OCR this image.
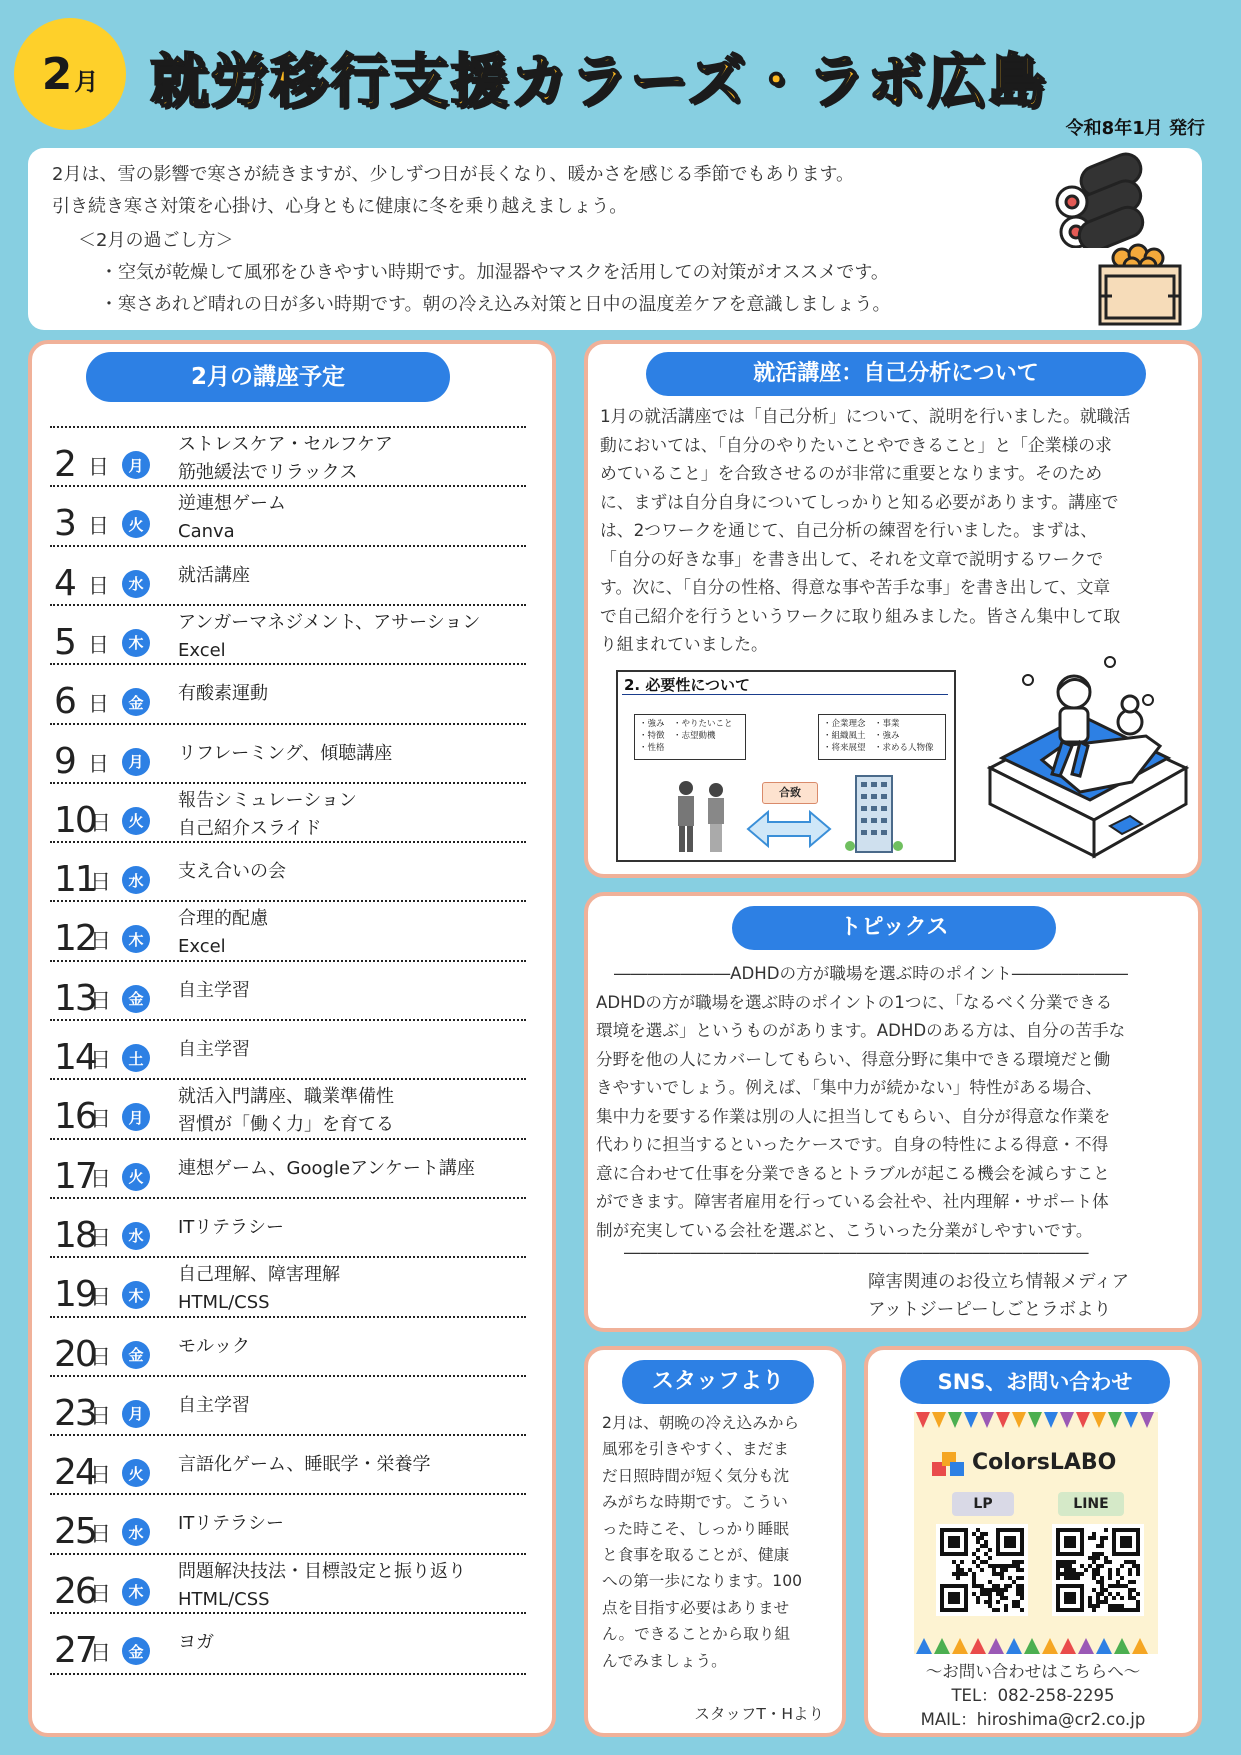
2 月 就労移行支援カラーズ・ラボ広島
令和8年1月 発行

2月は、雪の影響で寒さが続きますが、少しずつ日が長くなり、暖かさを感じる季節でもあります。

引き続き寒さ対策を心掛け、心身ともに健康に冬を乗り越えましょう。

＜2月の過ごし方＞

・空気が乾燥して風邪をひきやすい時期です。加湿器やマスクを活用しての対策がオススメです。

・寒さあれど晴れの日が多い時期です。朝の冷え込み対策と日中の温度差ケアを意識しましょう。

2月の講座予定
2 日	月
ストレスケア・セルフケア
筋弛緩法でリラックス
3 日	火
逆連想ゲーム
Canva
4 日	水	就活講座
5 日	木
アンガーマネジメント、アサーション
Excel
6 日	金	有酸素運動
9 日	月	リフレーミング、傾聴講座
10
日	火
報告シミュレーション
自己紹介スライド
11
日	水	支え合いの会
12
日	木
合理的配慮
Excel
13
日	金	自主学習
14
日	土	自主学習
16
日	月
就活入門講座、職業準備性
習慣が「働く力」を育てる
17
日	火	連想ゲーム、Googleアンケート講座
18
日	水	ITリテラシー
19
日	木
自己理解、障害理解
HTML/CSS
20
日	金	モルック
23
日	月	自主学習
24
日	火	言語化ゲーム、睡眠学・栄養学
25
日	水	ITリテラシー
26
日	木
問題解決技法・目標設定と振り返り
HTML/CSS
27
日	金	ヨガ
就活講座：自己分析について
1月の就活講座では「自己分析」について、説明を行いました。就職活
動においては、「自分のやりたいことやできること」と「企業様の求
めていること」を合致させるのが非常に重要となります。そのため
に、まずは自分自身についてしっかりと知る必要があります。講座で
は、2つワークを通じて、自己分析の練習を行いました。まずは、
「自分の好きな事」を書き出して、それを文章で説明するワークで
す。次に、「自分の性格、得意な事や苦手な事」を書き出して、文章
で自己紹介を行うというワークに取り組みました。皆さん集中して取
り組まれていました。
2. 必要性について
・強み　・やりたいこと
・特徴　・志望動機
・性格
・企業理念　・事業
・組織風土　・強み
・将来展望　・求める人物像
合致
トピックス
―――――――ADHDの方が職場を選ぶ時のポイント―――――――
ADHDの方が職場を選ぶ時のポイントの1つに、「なるべく分業できる
環境を選ぶ」というものがあります。ADHDのある方は、自分の苦手な
分野を他の人にカバーしてもらい、得意分野に集中できる環境だと働
きやすいでしょう。例えば、「集中力が続かない」特性がある場合、
集中力を要する作業は別の人に担当してもらい、自分が得意な作業を
代わりに担当するといったケースです。自身の特性による得意・不得
意に合わせて仕事を分業できるとトラブルが起こる機会を減らすこと
ができます。障害者雇用を行っている会社や、社内理解・サポート体
制が充実している会社を選ぶと、こういった分業がしやすいです。
――――――――――――――――――――――――――――
障害関連のお役立ち情報メディア
アットジーピーしごとラボより
スタッフより
2月は、朝晩の冷え込みから
風邪を引きやすく、まだま
だ日照時間が短く気分も沈
みがちな時期です。こうい
った時こそ、しっかり睡眠
と食事を取ることが、健康
への第一歩になります。100
点を目指す必要はありませ
ん。できることから取り組
んでみましょう。
スタッフT・Hより
SNS、お問い合わせ
ColorsLABO
LP	LINE
〜お問い合わせはこちらへ〜
TEL：082-258-2295
MAIL：hiroshima@cr2.co.jp
